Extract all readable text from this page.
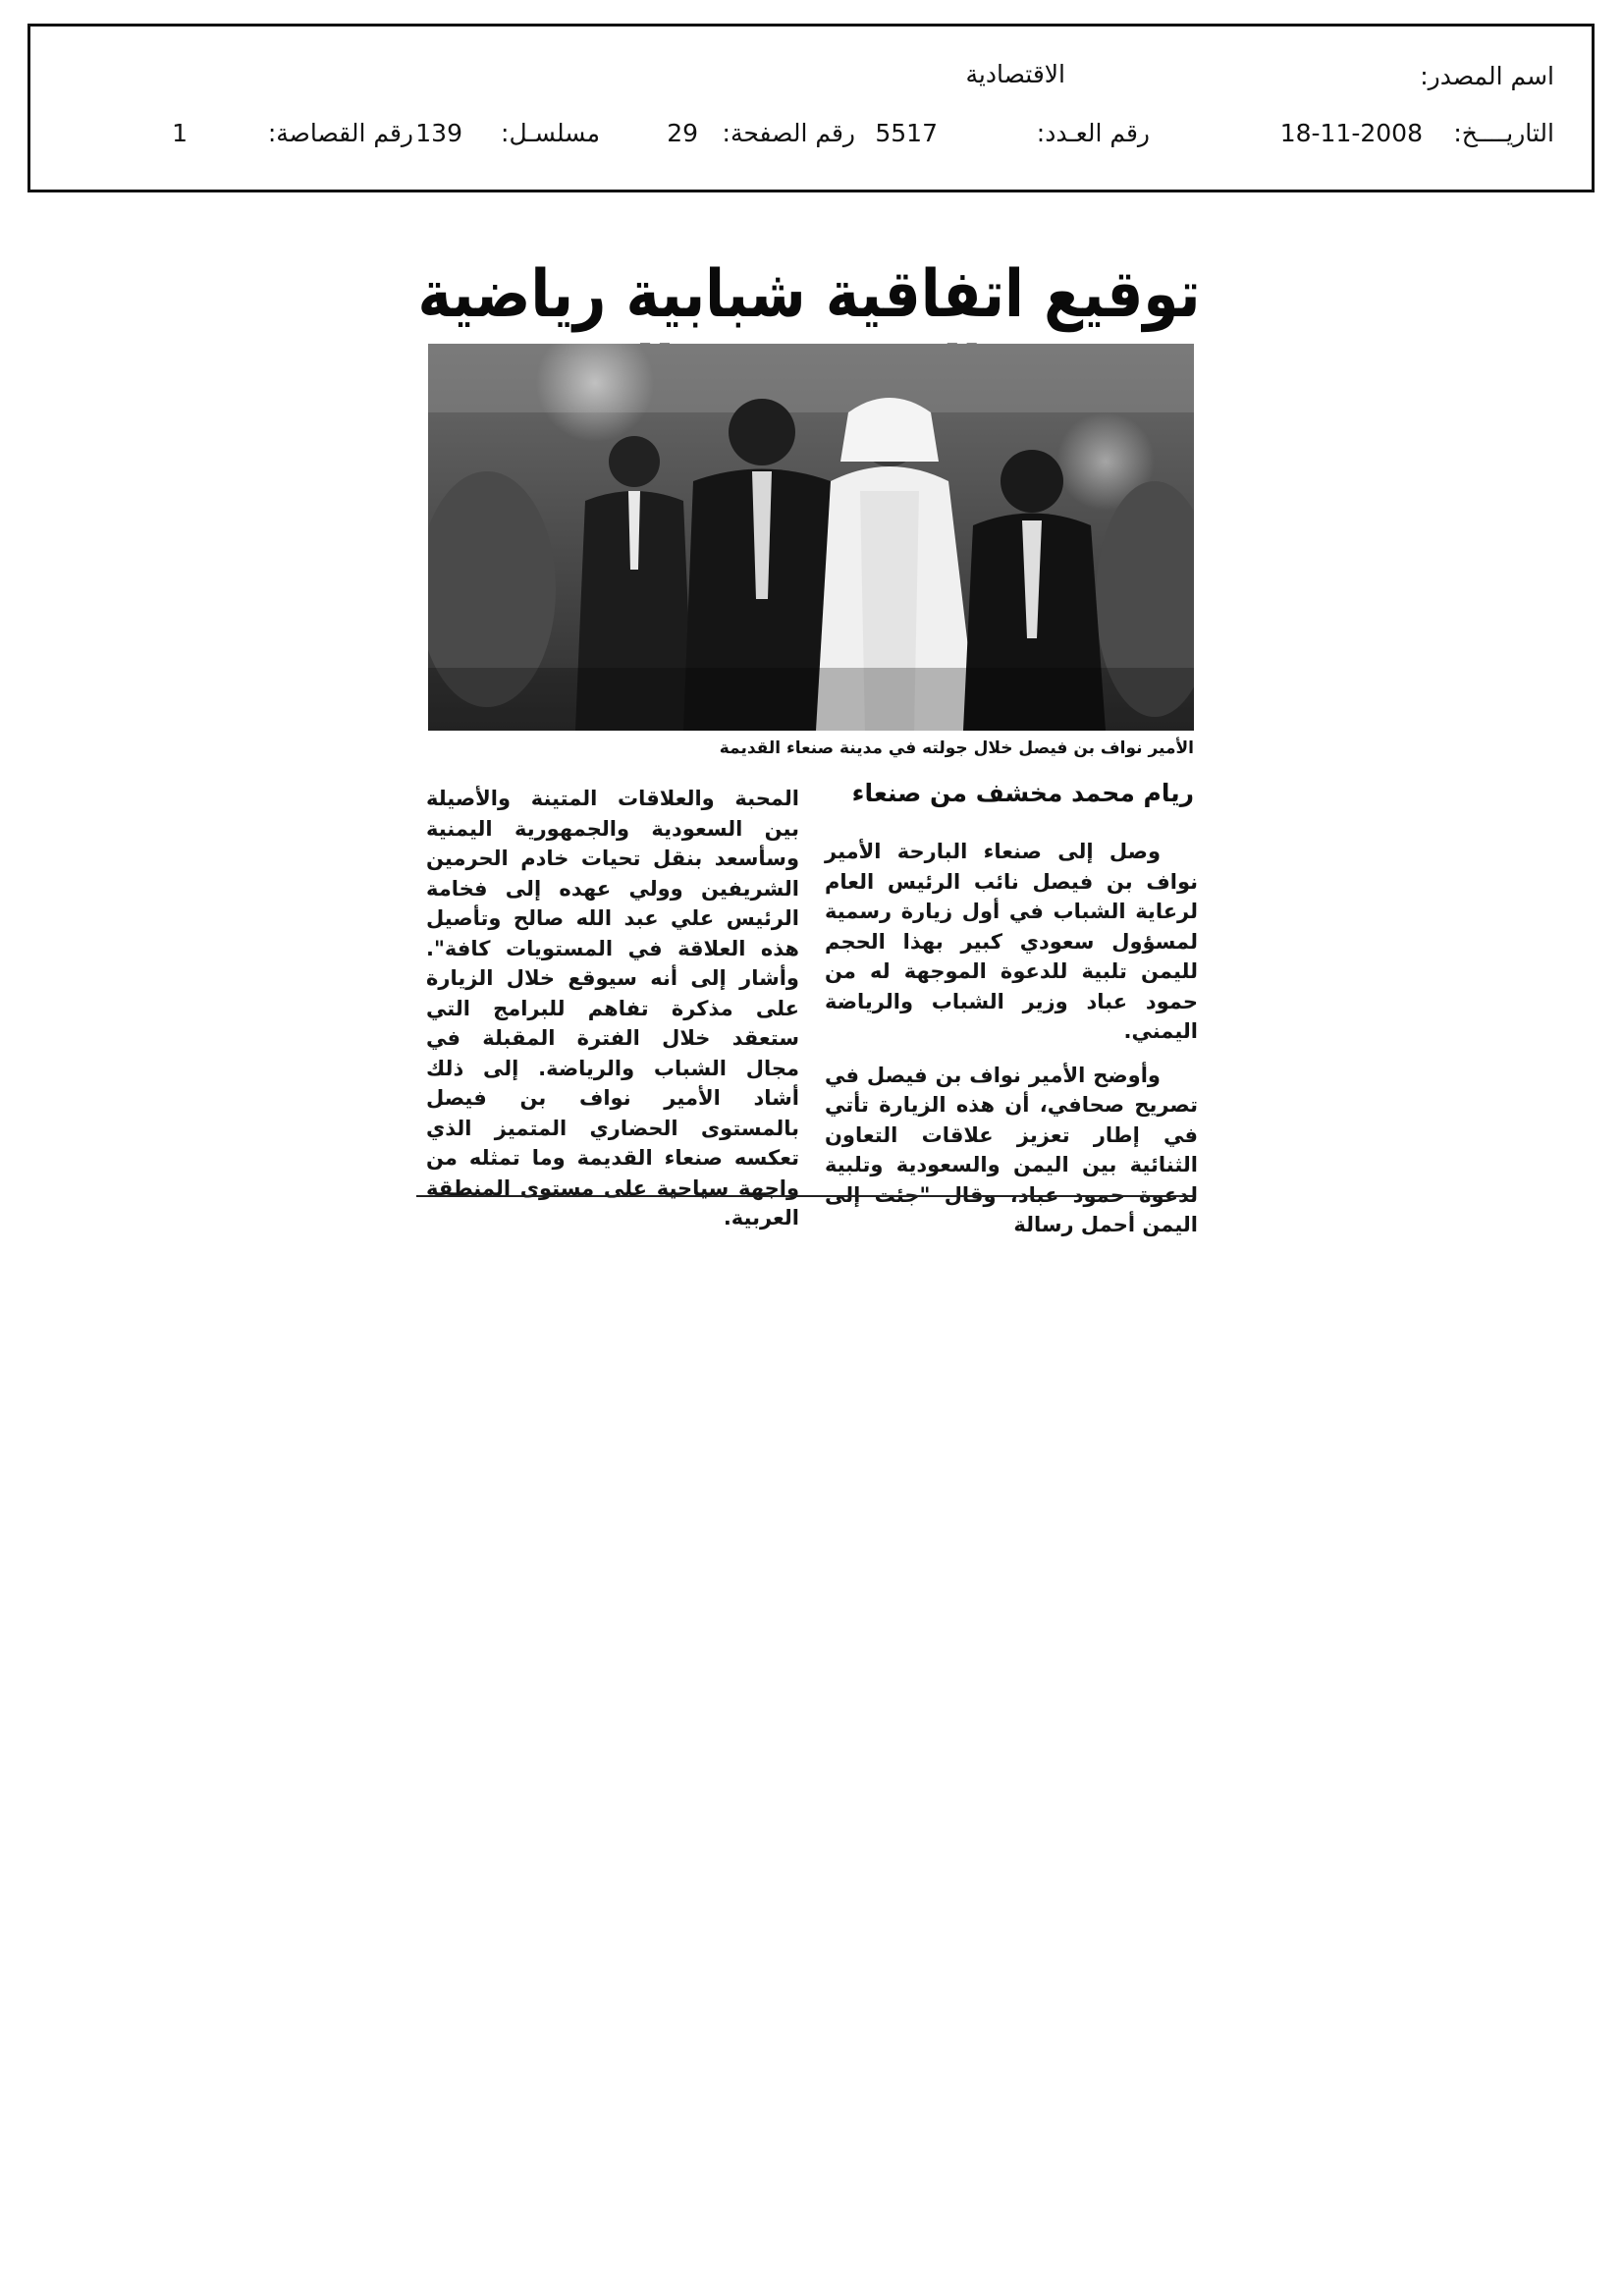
اسم المصدر:
الاقتصادية
التاريــــخ:
18-11-2008
رقم العـدد:
5517
رقم الصفحة:
29
مسلسـل:
139
رقم القصاصة:
1
توقيع اتفاقية شبابية رياضية
الأمير نواف بن فيصل خلال جولته في مدينة صنعاء القديمة
ريام محمد مخشف من صنعاء

وصل إلى صنعاء البارحة الأمير نواف بن فيصل نائب الرئيس العام لرعاية الشباب في أول زيارة رسمية لمسؤول سعودي كبير بهذا الحجم لليمن تلبية للدعوة الموجهة له من حمود عباد وزير الشباب والرياضة اليمني.

وأوضح الأمير نواف بن فيصل في تصريح صحافي، أن هذه الزيارة تأتي في إطار تعزيز علاقات التعاون الثنائية بين اليمن والسعودية وتلبية لدعوة حمود عباد، وقال "جئت إلى اليمن أحمل رسالة

المحبة والعلاقات المتينة والأصيلة بين السعودية والجمهورية اليمنية وسأسعد بنقل تحيات خادم الحرمين الشريفين وولي عهده إلى فخامة الرئيس علي عبد الله صالح وتأصيل هذه العلاقة في المستويات كافة". وأشار إلى أنه سيوقع خلال الزيارة على مذكرة تفاهم للبرامج التي ستعقد خلال الفترة المقبلة في مجال الشباب والرياضة. إلى ذلك أشاد الأمير نواف بن فيصل بالمستوى الحضاري المتميز الذي تعكسه صنعاء القديمة وما تمثله من واجهة سياحية على مستوى المنطقة العربية.
